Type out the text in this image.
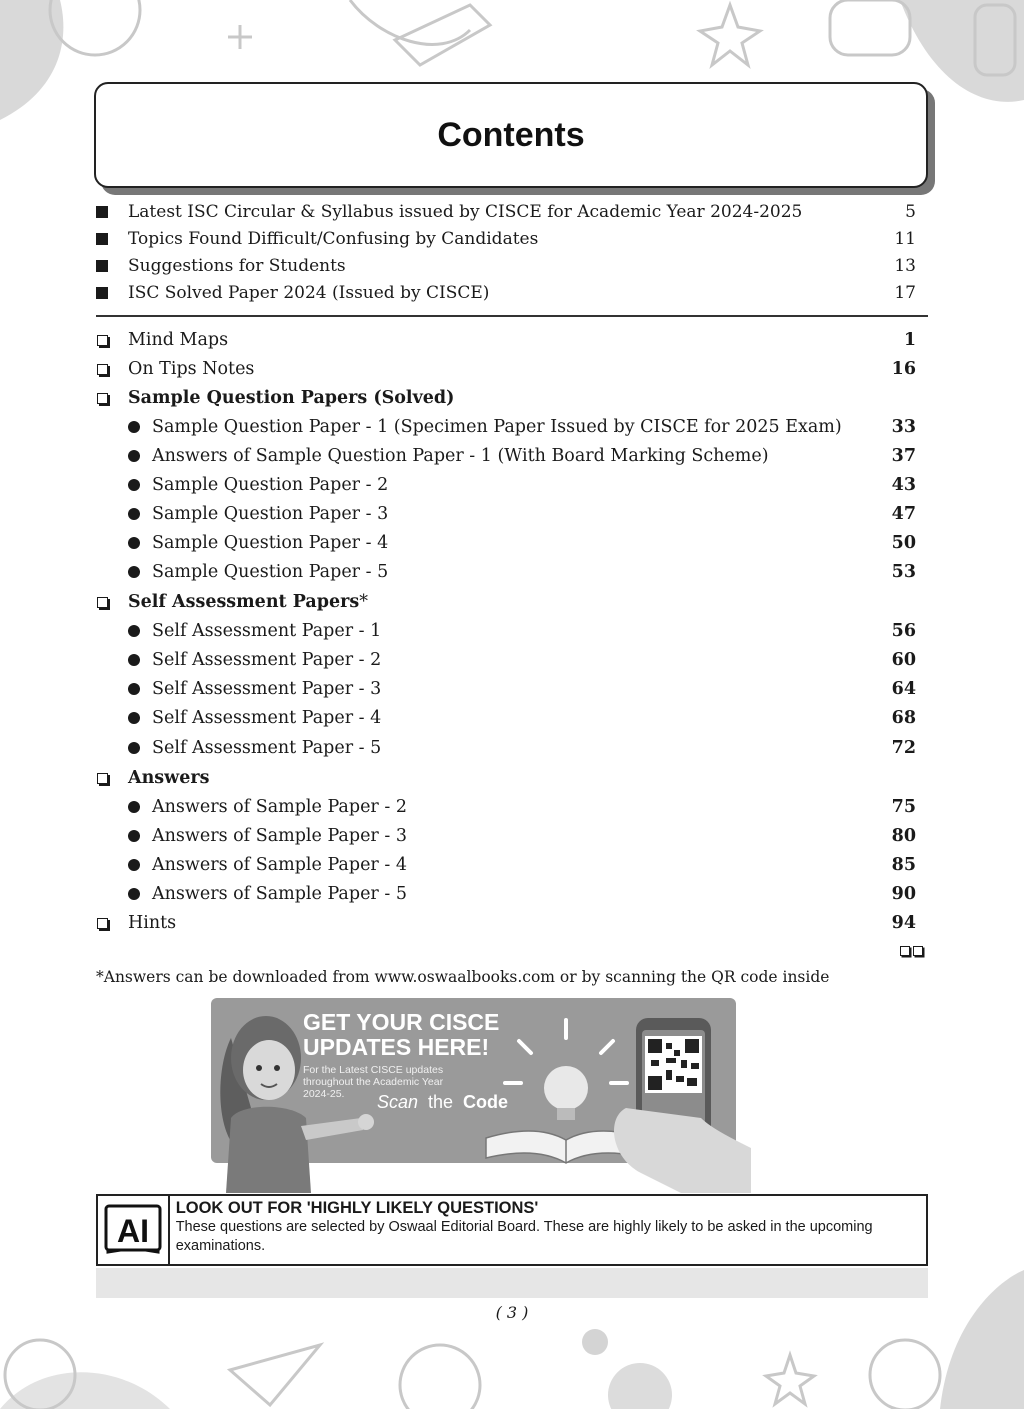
Contents
Latest ISC Circular & Syllabus issued by CISCE for Academic Year 2024-2025	5
Topics Found Difficult/Confusing by Candidates	11
Suggestions for Students	13
ISC Solved Paper 2024 (Issued by CISCE)	17
Mind Maps	1
On Tips Notes	16
Sample Question Papers (Solved)
Sample Question Paper - 1 (Specimen Paper Issued by CISCE for 2025 Exam)	33
Answers of Sample Question Paper - 1 (With Board Marking Scheme)	37
Sample Question Paper - 2	43
Sample Question Paper - 3	47
Sample Question Paper - 4	50
Sample Question Paper - 5	53
Self Assessment Papers*
Self Assessment Paper - 1	56
Self Assessment Paper - 2	60
Self Assessment Paper - 3	64
Self Assessment Paper - 4	68
Self Assessment Paper - 5	72
Answers
Answers of Sample Paper - 2	75
Answers of Sample Paper - 3	80
Answers of Sample Paper - 4	85
Answers of Sample Paper - 5	90
Hints	94
*Answers can be downloaded from www.oswaalbooks.com or by scanning the QR code inside
GET YOUR CISCE
UPDATES HERE!
For the Latest CISCE updates
throughout the Academic Year
2024-25. Scan the Code
AI
LOOK OUT FOR 'HIGHLY LIKELY QUESTIONS'
These questions are selected by Oswaal Editorial Board. These are highly likely to be asked in the upcoming examinations.
( 3 )
